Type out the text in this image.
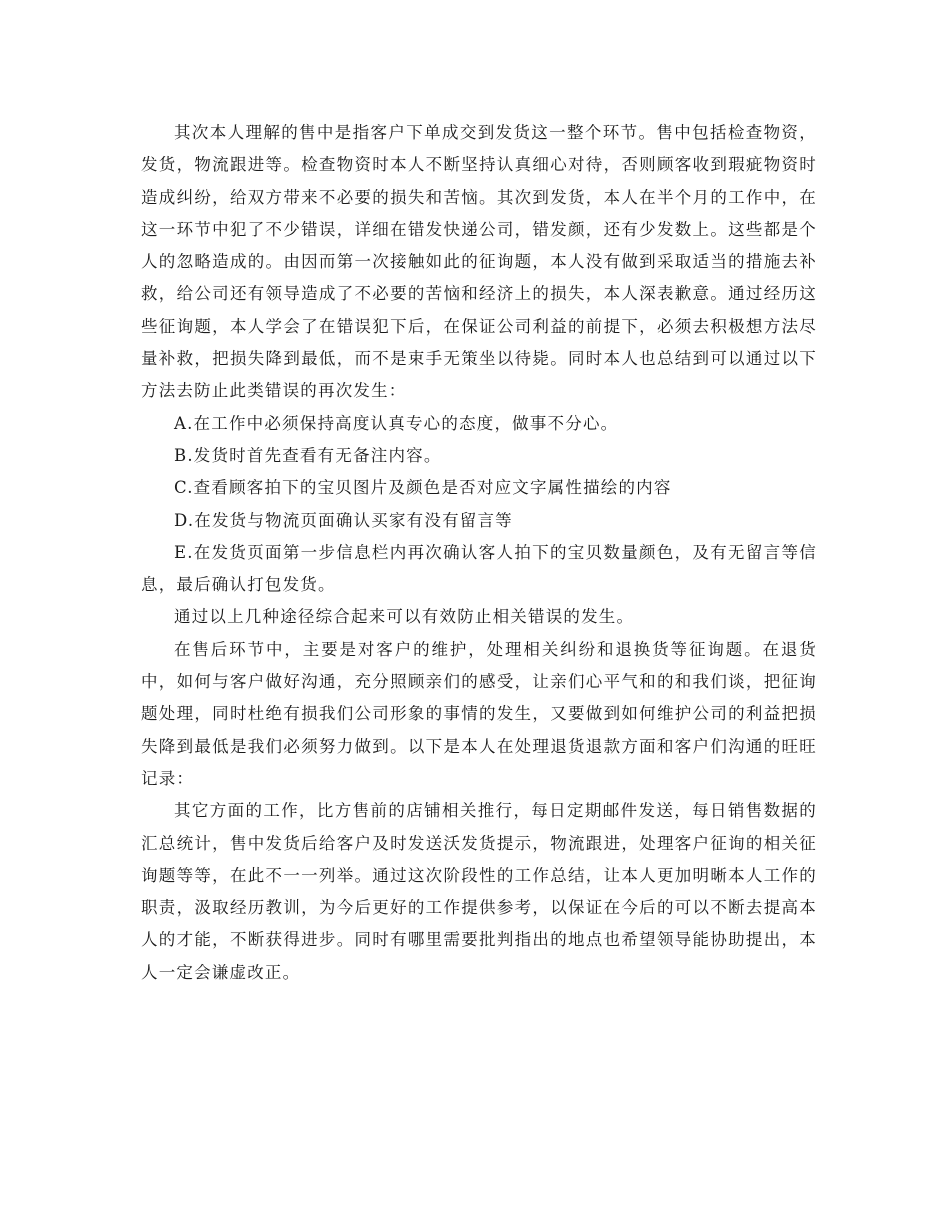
其次本人理解的售中是指客户下单成交到发货这一整个环节。售中包括检查物资，发货，物流跟进等。检查物资时本人不断坚持认真细心对待，否则顾客收到瑕疵物资时造成纠纷，给双方带来不必要的损失和苦恼。其次到发货，本人在半个月的工作中，在这一环节中犯了不少错误，详细在错发快递公司，错发颜，还有少发数上。这些都是个人的忽略造成的。由因而第一次接触如此的征询题，本人没有做到采取适当的措施去补救，给公司还有领导造成了不必要的苦恼和经济上的损失，本人深表歉意。通过经历这些征询题，本人学会了在错误犯下后，在保证公司利益的前提下，必须去积极想方法尽量补救，把损失降到最低，而不是束手无策坐以待毙。同时本人也总结到可以通过以下方法去防止此类错误的再次发生：

A.在工作中必须保持高度认真专心的态度，做事不分心。

B.发货时首先查看有无备注内容。

C.查看顾客拍下的宝贝图片及颜色是否对应文字属性描绘的内容

D.在发货与物流页面确认买家有没有留言等

E.在发货页面第一步信息栏内再次确认客人拍下的宝贝数量颜色，及有无留言等信息，最后确认打包发货。

通过以上几种途径综合起来可以有效防止相关错误的发生。

在售后环节中，主要是对客户的维护，处理相关纠纷和退换货等征询题。在退货中，如何与客户做好沟通，充分照顾亲们的感受，让亲们心平气和的和我们谈，把征询题处理，同时杜绝有损我们公司形象的事情的发生，又要做到如何维护公司的利益把损失降到最低是我们必须努力做到。以下是本人在处理退货退款方面和客户们沟通的旺旺记录：

其它方面的工作，比方售前的店铺相关推行，每日定期邮件发送，每日销售数据的汇总统计，售中发货后给客户及时发送沃发货提示，物流跟进，处理客户征询的相关征询题等等，在此不一一列举。通过这次阶段性的工作总结，让本人更加明晰本人工作的职责，汲取经历教训，为今后更好的工作提供参考，以保证在今后的可以不断去提高本人的才能，不断获得进步。同时有哪里需要批判指出的地点也希望领导能协助提出，本人一定会谦虚改正。
